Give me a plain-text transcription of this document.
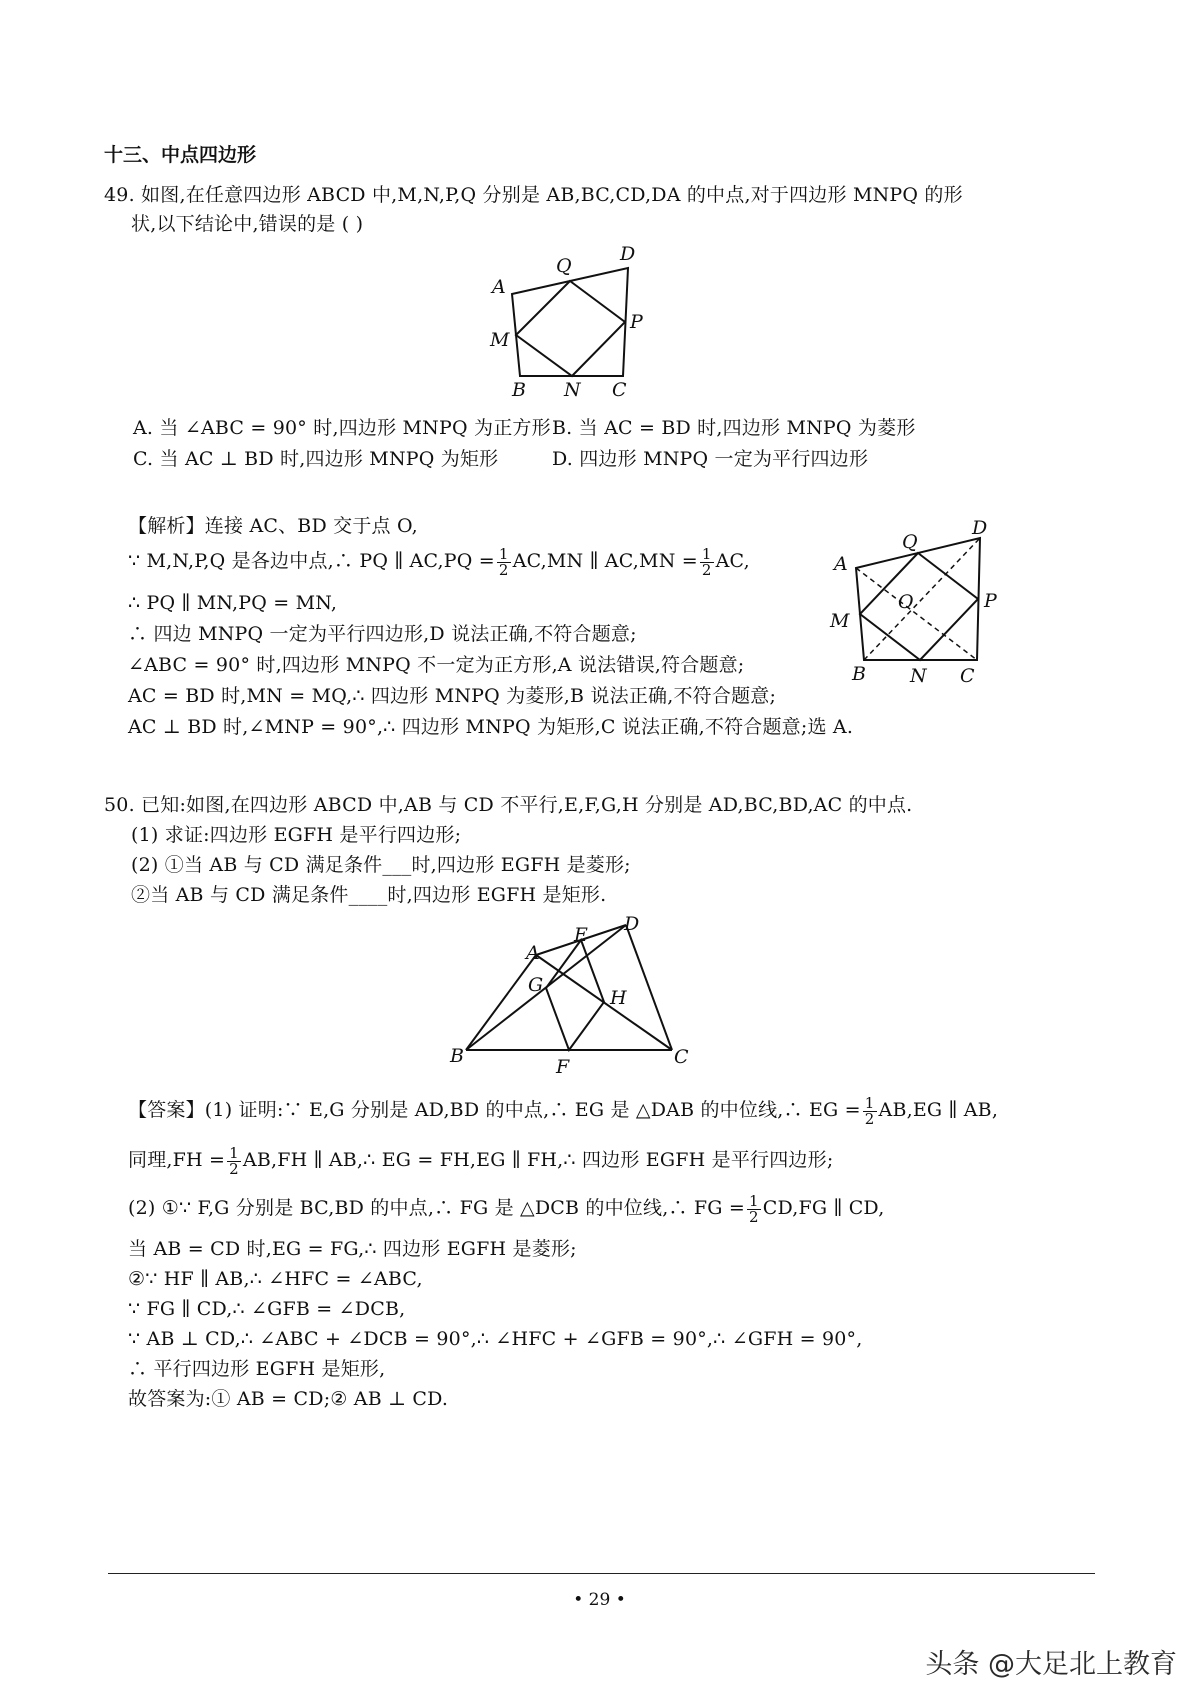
十三、中点四边形
49. 如图,在任意四边形 ABCD 中,M,N,P,Q 分别是 AB,BC,CD,DA 的中点,对于四边形 MNPQ 的形
状,以下结论中,错误的是 ( )
A
Q
D
P
M
B N C
A. 当 ∠ABC = 90° 时,四边形 MNPQ 为正方形 B. 当 AC = BD 时,四边形 MNPQ 为菱形
C. 当 AC ⊥ BD 时,四边形 MNPQ 为矩形	D. 四边形 MNPQ 一定为平行四边形
【解析】连接 AC、BD 交于点 O,
∵ M,N,P,Q 是各边中点,∴ PQ ∥ $AC,PQ = \frac{1}{2} AC,MN$ ∥ $AC,MN = \frac{1}{2}$ AC,
∴ PQ ∥ MN,PQ = MN,
∴ 四边 MNPQ 一定为平行四边形,D 说法正确,不符合题意;
∠ABC = 90° 时,四边形 MNPQ 不一定为正方形,A 说法错误,符合题意;
AC = BD 时,MN = MQ,∴ 四边形 MNPQ 为菱形,B 说法正确,不符合题意;
AC ⊥ BD 时,∠MNP = 90°,∴ 四边形 MNPQ 为矩形,C 说法正确,不符合题意;选 A.
A
Q
D
O	P
M
B N C
50. 已知:如图,在四边形 ABCD 中,AB 与 CD 不平行,E,F,G,H 分别是 AD,BC,BD,AC 的中点.
(1) 求证:四边形 EGFH 是平行四边形;
(2) ①当 AB 与 CD 满足条件___时,四边形 EGFH 是菱形;
②当 AB 与 CD 满足条件____时,四边形 EGFH 是矩形.
A
E D
G
H
B	F	C
【答案】(1) 证明:∵ E,G 分别是 AD,BD 的中点,∴ EG 是 △DAB 的中位线,∴ EG = $\frac{1}{2} AB,EG$ ∥ AB,
同理$,FH = \frac{1}{2} AB,FH$ ∥ AB,∴ EG = FH,EG ∥ FH,∴ 四边形 EGFH 是平行四边形;
(2) ①∵ F,G 分别是 BC,BD 的中点,∴ FG 是 △DCB 的中位线,∴ FG = $\frac{1}{2} CD,FG$ ∥ CD,
当 AB = CD 时,EG = FG,∴ 四边形 EGFH 是菱形;
②∵ HF ∥ AB,∴ ∠HFC = ∠ABC,
∵ FG ∥ CD,∴ ∠GFB = ∠DCB,
∵ AB ⊥ CD,∴ ∠ABC + ∠DCB = 90°,∴ ∠HFC + ∠GFB = 90°,∴ ∠GFH = 90°,
∴ 平行四边形 EGFH 是矩形,
故答案为:① AB = CD;② AB ⊥ CD.
• 29 •
头条 @大足北上教育
